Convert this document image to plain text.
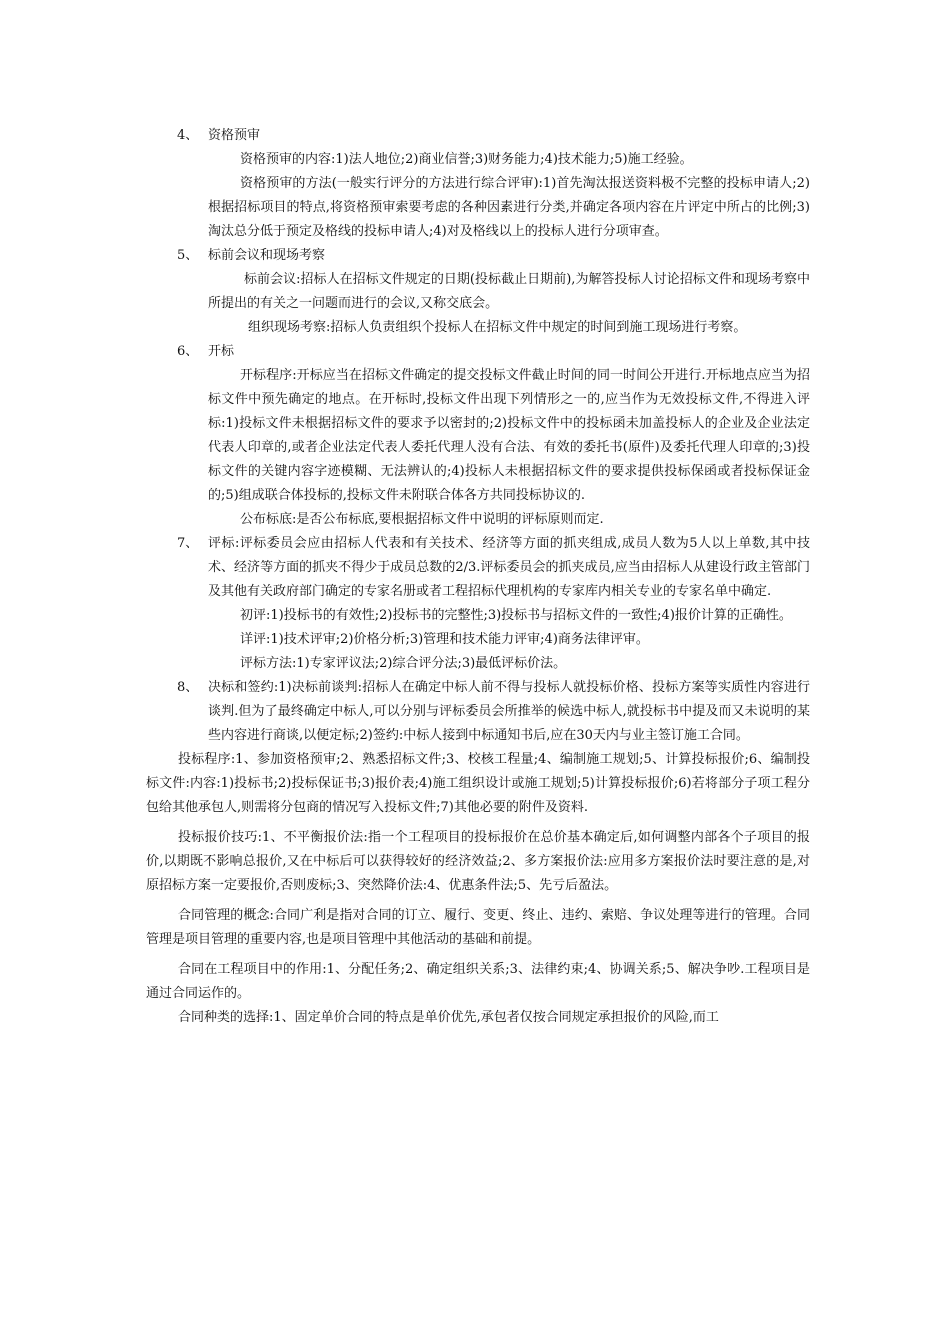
4、 资格预审

资格预审的内容:1)法人地位;2)商业信誉;3)财务能力;4)技术能力;5)施工经验。

资格预审的方法(一般实行评分的方法进行综合评审):1)首先淘汰报送资料极不完整的投标申请人;2)根据招标项目的特点,将资格预审索要考虑的各种因素进行分类,并确定各项内容在片评定中所占的比例;3)淘汰总分低于预定及格线的投标申请人;4)对及格线以上的投标人进行分项审查。

5、 标前会议和现场考察

标前会议:招标人在招标文件规定的日期(投标截止日期前),为解答投标人讨论招标文件和现场考察中所提出的有关之一问题而进行的会议,又称交底会。

组织现场考察:招标人负责组织个投标人在招标文件中规定的时间到施工现场进行考察。

6、 开标

开标程序:开标应当在招标文件确定的提交投标文件截止时间的同一时间公开进行.开标地点应当为招标文件中预先确定的地点。在开标时,投标文件出现下列情形之一的,应当作为无效投标文件,不得进入评标:1)投标文件未根据招标文件的要求予以密封的;2)投标文件中的投标函未加盖投标人的企业及企业法定代表人印章的,或者企业法定代表人委托代理人没有合法、有效的委托书(原件)及委托代理人印章的;3)投标文件的关键内容字迹模糊、无法辨认的;4)投标人未根据招标文件的要求提供投标保函或者投标保证金的;5)组成联合体投标的,投标文件未附联合体各方共同投标协议的.

公布标底:是否公布标底,要根据招标文件中说明的评标原则而定.

7、 评标:评标委员会应由招标人代表和有关技术、经济等方面的抓夹组成,成员人数为5人以上单数,其中技术、经济等方面的抓夹不得少于成员总数的2/3.评标委员会的抓夹成员,应当由招标人从建设行政主管部门及其他有关政府部门确定的专家名册或者工程招标代理机构的专家库内相关专业的专家名单中确定.

初评:1)投标书的有效性;2)投标书的完整性;3)投标书与招标文件的一致性;4)报价计算的正确性。

详评:1)技术评审;2)价格分析;3)管理和技术能力评审;4)商务法律评审。

评标方法:1)专家评议法;2)综合评分法;3)最低评标价法。

8、 决标和签约:1)决标前谈判:招标人在确定中标人前不得与投标人就投标价格、投标方案等实质性内容进行谈判.但为了最终确定中标人,可以分别与评标委员会所推举的候选中标人,就投标书中提及而又未说明的某些内容进行商谈,以便定标;2)签约:中标人接到中标通知书后,应在30天内与业主签订施工合同。

投标程序:1、参加资格预审;2、熟悉招标文件;3、校核工程量;4、编制施工规划;5、计算投标报价;6、编制投标文件:内容:1)投标书;2)投标保证书;3)报价表;4)施工组织设计或施工规划;5)计算投标报价;6)若将部分子项工程分包给其他承包人,则需将分包商的情况写入投标文件;7)其他必要的附件及资料.

投标报价技巧:1、不平衡报价法:指一个工程项目的投标报价在总价基本确定后,如何调整内部各个子项目的报价,以期既不影响总报价,又在中标后可以获得较好的经济效益;2、多方案报价法:应用多方案报价法时要注意的是,对原招标方案一定要报价,否则废标;3、突然降价法:4、优惠条件法;5、先亏后盈法。

合同管理的概念:合同广利是指对合同的订立、履行、变更、终止、违约、索赔、争议处理等进行的管理。合同管理是项目管理的重要内容,也是项目管理中其他活动的基础和前提。

合同在工程项目中的作用:1、分配任务;2、确定组织关系;3、法律约束;4、协调关系;5、解决争吵.工程项目是通过合同运作的。

合同种类的选择:1、固定单价合同的特点是单价优先,承包者仅按合同规定承担报价的风险,而工
